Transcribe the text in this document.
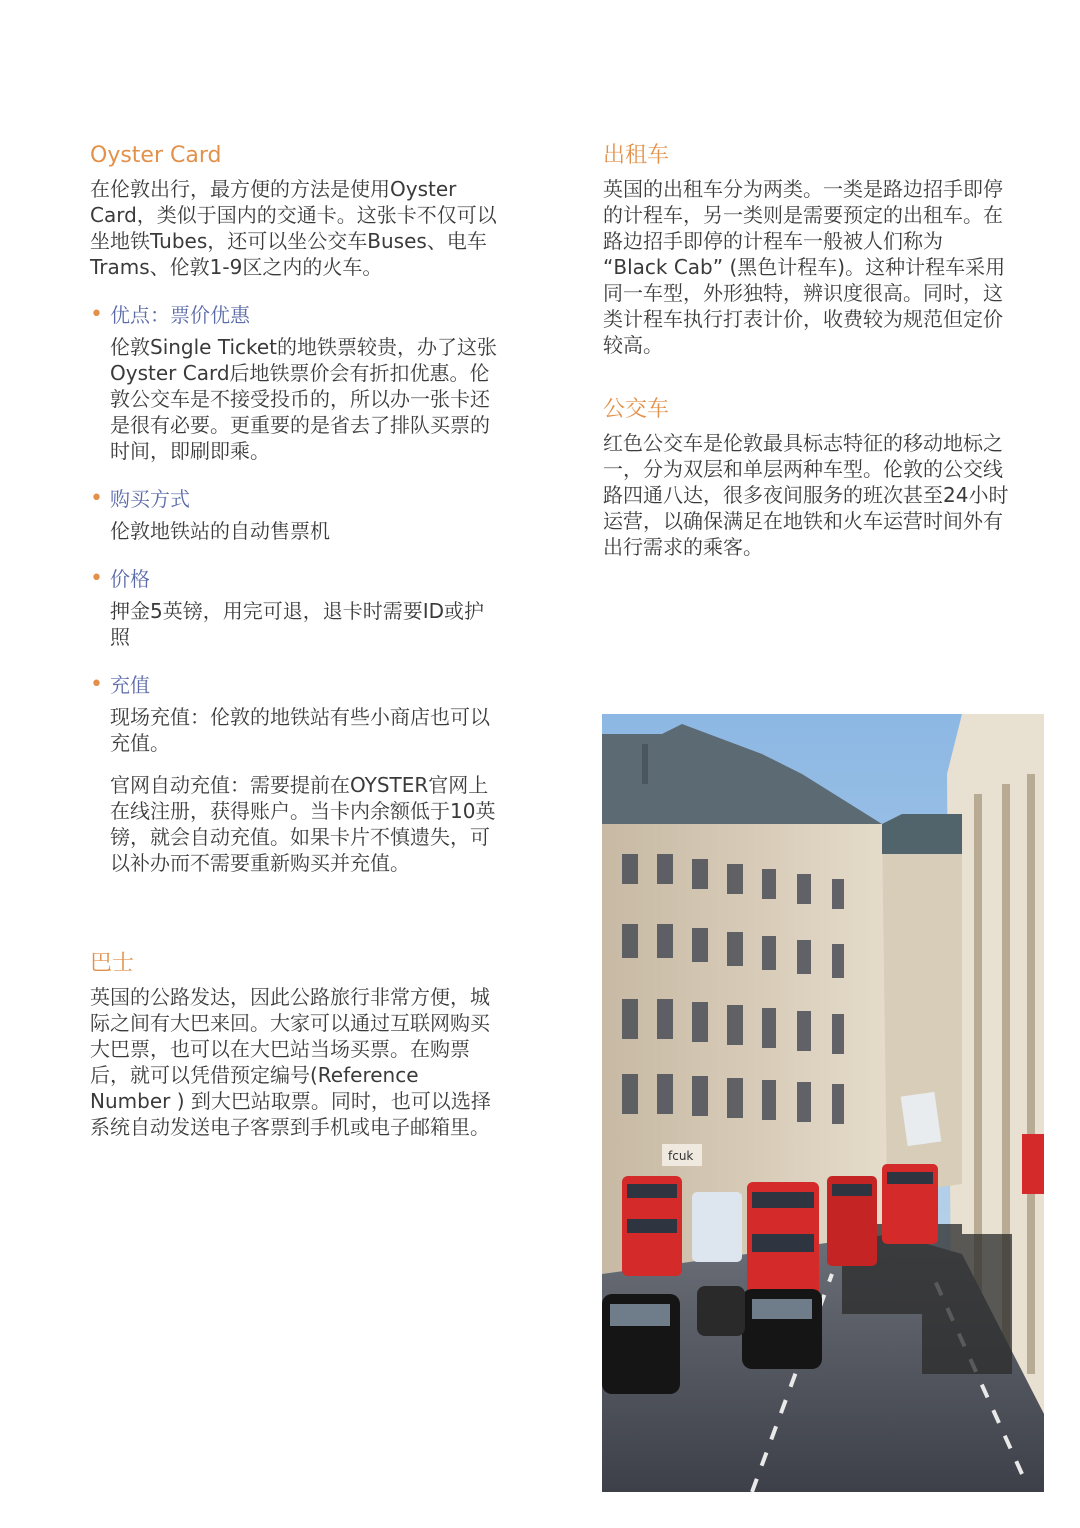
Oyster Card

在伦敦出行，最方便的方法是使用Oyster Card，类似于国内的交通卡。这张卡不仅可以坐地铁Tubes，还可以坐公交车Buses、电车Trams、伦敦1-9区之内的火车。

• 优点：票价优惠

伦敦Single Ticket的地铁票较贵，办了这张Oyster Card后地铁票价会有折扣优惠。伦敦公交车是不接受投币的，所以办一张卡还是很有必要。更重要的是省去了排队买票的时间，即刷即乘。

• 购买方式

伦敦地铁站的自动售票机

• 价格

押金5英镑，用完可退，退卡时需要ID或护照

• 充值

现场充值：伦敦的地铁站有些小商店也可以充值。

官网自动充值：需要提前在OYSTER官网上在线注册，获得账户。当卡内余额低于10英镑，就会自动充值。如果卡片不慎遗失，可以补办而不需要重新购买并充值。

巴士

英国的公路发达，因此公路旅行非常方便，城际之间有大巴来回。大家可以通过互联网购买大巴票，也可以在大巴站当场买票。在购票后，就可以凭借预定编号(Reference Number ) 到大巴站取票。同时，也可以选择系统自动发送电子客票到手机或电子邮箱里。

出租车

英国的出租车分为两类。一类是路边招手即停的计程车，另一类则是需要预定的出租车。在路边招手即停的计程车一般被人们称为 “Black Cab” (黑色计程车)。这种计程车采用同一车型，外形独特，辨识度很高。同时，这类计程车执行打表计价，收费较为规范但定价较高。

公交车

红色公交车是伦敦最具标志特征的移动地标之一，分为双层和单层两种车型。伦敦的公交线路四通八达，很多夜间服务的班次甚至24小时运营，以确保满足在地铁和火车运营时间外有出行需求的乘客。

fcuk
